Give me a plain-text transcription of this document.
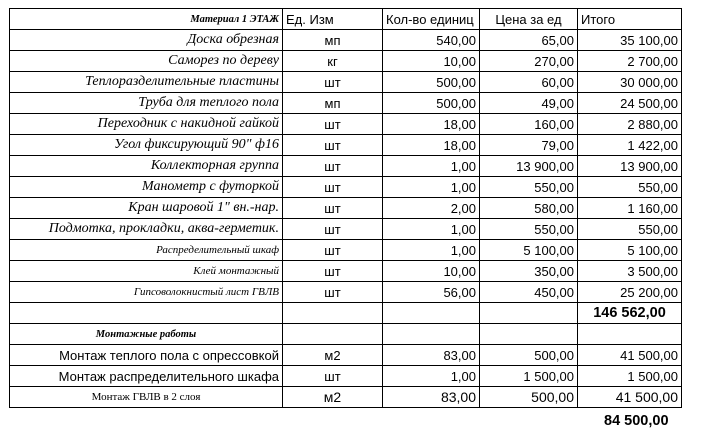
Материал 1 ЭТАЖ	Ед. Изм	Кол-во единиц	Цена за ед	Итого
Доска обрезная	мп	540,00	65,00	35 100,00
Саморез по дереву	кг	10,00	270,00	2 700,00
Теплоразделительные пластины	шт	500,00	60,00	30 000,00
Труба для теплого пола	мп	500,00	49,00	24 500,00
Переходник с накидной гайкой	шт	18,00	160,00	2 880,00
Угол фиксирующий 90" ф16	шт	18,00	79,00	1 422,00
Коллекторная группа	шт	1,00	13 900,00	13 900,00
Манометр с футоркой	шт	1,00	550,00	550,00
Кран шаровой 1" вн.-нар.	шт	2,00	580,00	1 160,00
Подмотка, прокладки, аква-герметик.	шт	1,00	550,00	550,00
Распределительный шкаф	шт	1,00	5 100,00	5 100,00
Клей монтажный	шт	10,00	350,00	3 500,00
Гипсоволокнистый лист ГВЛВ	шт	56,00	450,00	25 200,00
				146 562,00
Монтажные работы				
Монтаж теплого пола с опрессовкой	м2	83,00	500,00	41 500,00
Монтаж распределительного шкафа	шт	1,00	1 500,00	1 500,00
Монтаж ГВЛВ в 2 слоя	м2	83,00	500,00	41 500,00
84 500,00
